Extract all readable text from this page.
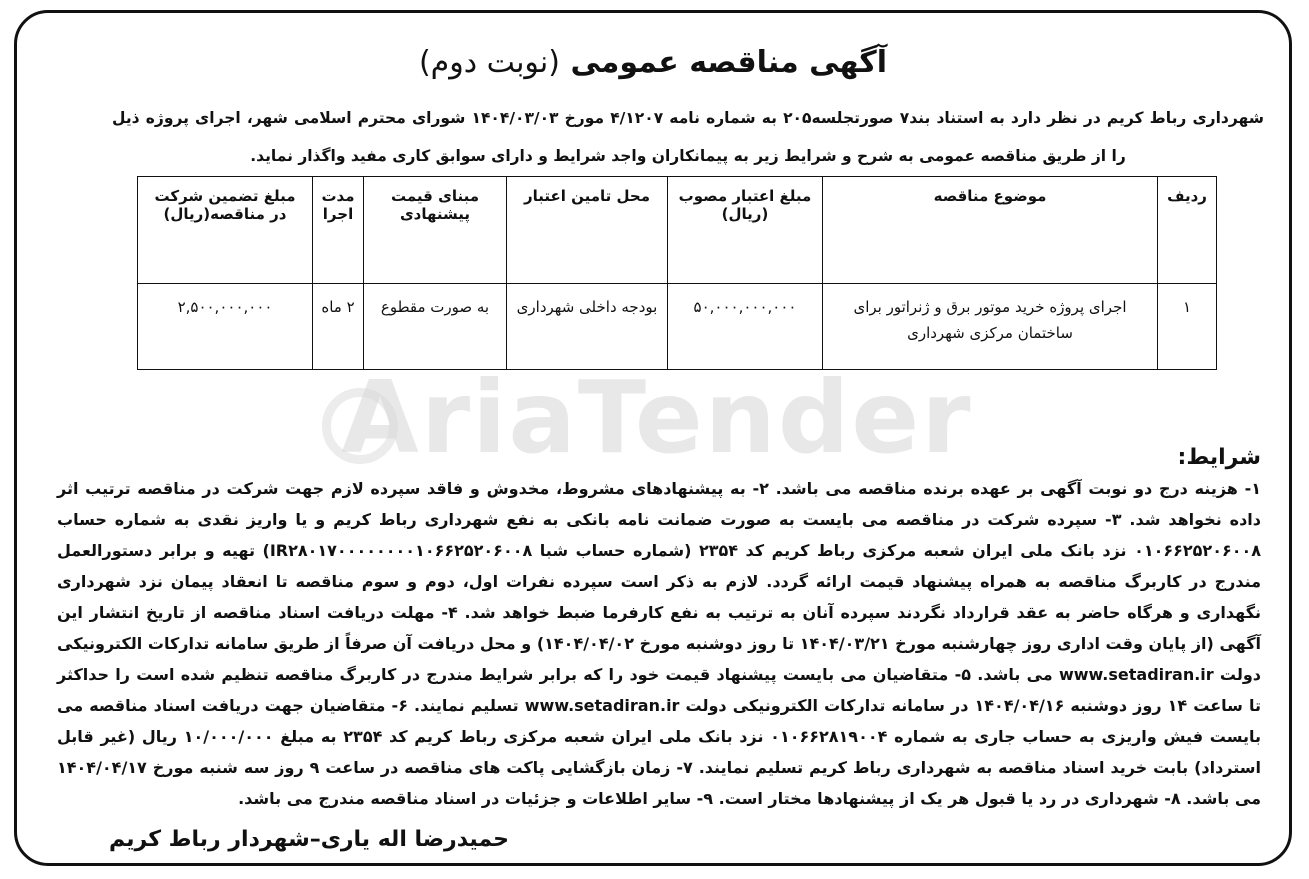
AriaTender
آگهی مناقصه عمومی (نوبت دوم)
شهرداری رباط کریم در نظر دارد به استناد بند۷ صورتجلسه۲۰۵ به شماره نامه ۴/۱۲۰۷ مورخ ۱۴۰۴/۰۳/۰۳ شورای محترم اسلامی شهر، اجرای پروژه ذیل را از طریق مناقصه عمومی به شرح و شرایط زیر به پیمانکاران واجد شرایط و دارای سوابق کاری مفید واگذار نماید.
ردیف	موضوع مناقصه	مبلغ اعتبار مصوب (ریال)	محل تامین اعتبار	مبنای قیمت پیشنهادی	مدت اجرا	مبلغ تضمین شرکت در مناقصه(ریال)
۱	اجرای پروژه خرید موتور برق و ژنراتور برای ساختمان مرکزی شهرداری	۵۰,۰۰۰,۰۰۰,۰۰۰	بودجه داخلی شهرداری	به صورت مقطوع	۲ ماه	۲,۵۰۰,۰۰۰,۰۰۰
شرایط:
۱- هزینه درج دو نوبت آگهی بر عهده برنده مناقصه می باشد. ۲- به پیشنهادهای مشروط، مخدوش و فاقد سپرده لازم جهت شرکت در مناقصه ترتیب اثر داده نخواهد شد. ۳- سپرده شرکت در مناقصه می بایست به صورت ضمانت نامه بانکی به نفع شهرداری رباط کریم و یا واریز نقدی به شماره حساب ۰۱۰۶۶۲۵۲۰۶۰۰۸ نزد بانک ملی ایران شعبه مرکزی رباط کریم کد ۲۳۵۴ (شماره حساب شبا IR۲۸۰۱۷۰۰۰۰۰۰۰۰۱۰۶۶۲۵۲۰۶۰۰۸) تهیه و برابر دستورالعمل مندرج در کاربرگ مناقصه به همراه پیشنهاد قیمت ارائه گردد. لازم به ذکر است سپرده نفرات اول، دوم و سوم مناقصه تا انعقاد پیمان نزد شهرداری نگهداری و هرگاه حاضر به عقد قرارداد نگردند سپرده آنان به ترتیب به نفع کارفرما ضبط خواهد شد. ۴- مهلت دریافت اسناد مناقصه از تاریخ انتشار این آگهی (از پایان وقت اداری روز چهارشنبه مورخ ۱۴۰۴/۰۳/۲۱ تا روز دوشنبه مورخ ۱۴۰۴/۰۴/۰۲) و محل دریافت آن صرفاً از طریق سامانه تدارکات الکترونیکی دولت www.setadiran.ir می باشد. ۵- متقاضیان می بایست پیشنهاد قیمت خود را که برابر شرایط مندرج در کاربرگ مناقصه تنظیم شده است را حداکثر تا ساعت ۱۴ روز دوشنبه ۱۴۰۴/۰۴/۱۶ در سامانه تدارکات الکترونیکی دولت www.setadiran.ir تسلیم نمایند. ۶- متقاضیان جهت دریافت اسناد مناقصه می بایست فیش واریزی به حساب جاری به شماره ۰۱۰۶۶۲۸۱۹۰۰۴ نزد بانک ملی ایران شعبه مرکزی رباط کریم کد ۲۳۵۴ به مبلغ ۱۰/۰۰۰/۰۰۰ ریال (غیر قابل استرداد) بابت خرید اسناد مناقصه به شهرداری رباط کریم تسلیم نمایند. ۷- زمان بازگشایی پاکت های مناقصه در ساعت ۹ روز سه شنبه مورخ ۱۴۰۴/۰۴/۱۷ می باشد. ۸- شهرداری در رد یا قبول هر یک از پیشنهادها مختار است. ۹- سایر اطلاعات و جزئیات در اسناد مناقصه مندرج می باشد.
حمیدرضا اله یاری–شهردار رباط کریم
